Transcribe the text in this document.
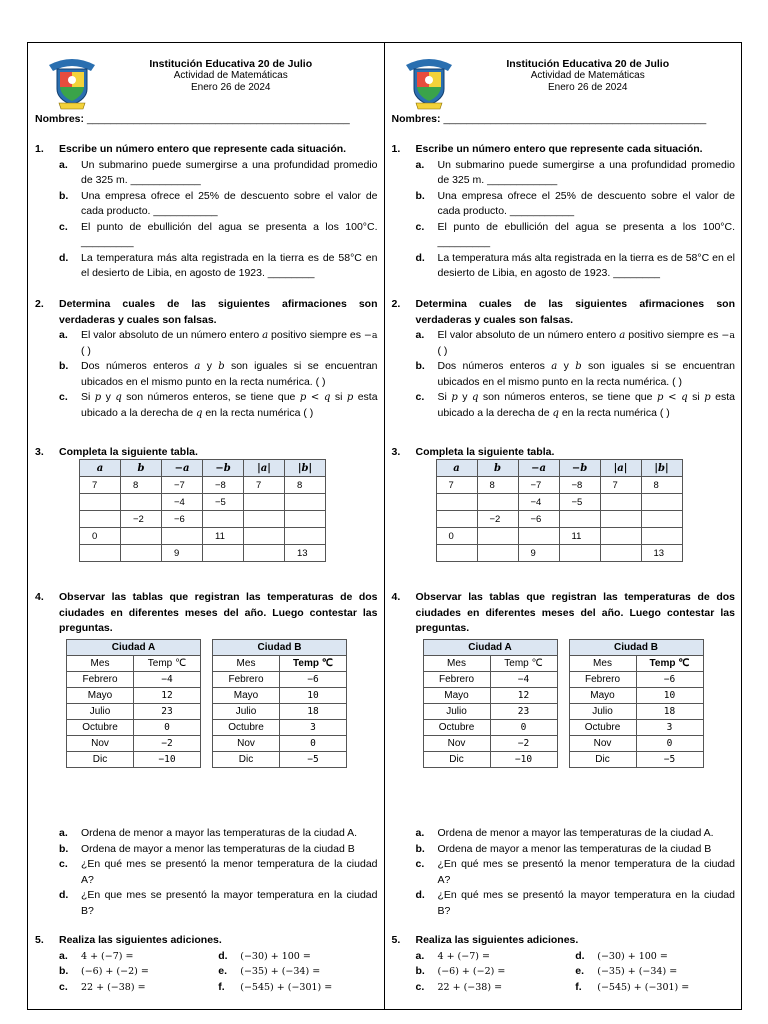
Institución Educativa 20 de Julio
Actividad de Matemáticas
Enero 26 de 2024
Nombres: _____________________________________________
1.	Escribe un número entero que represente cada situación.
a.	Un submarino puede sumergirse a una profundidad promedio de 325 m. ____________
b.	Una empresa ofrece el 25% de descuento sobre el valor de cada producto. ___________
c.	El punto de ebullición del agua se presenta a los 100°C. _________
d.	La temperatura más alta registrada en la tierra es de 58°C en el desierto de Libia, en agosto de 1923. ________
2.	Determina cuales de las siguientes afirmaciones son verdaderas y cuales son falsas.
a.	El valor absoluto de un número entero a positivo siempre es −a ( )
b.	Dos números enteros a y b son iguales si se encuentran ubicados en el mismo punto en la recta numérica. ( )
c.	Si p y q son números enteros, se tiene que p < q si p esta ubicado a la derecha de q en la recta numérica ( )
3.	Completa la siguiente tabla.
a	b	−a	−b	|a|	|b|
7	8	−7	−8	7	8
		−4	−5		
	−2	−6			
0			11		
		9			13
4.	Observar las tablas que registran las temperaturas de dos ciudades en diferentes meses del año. Luego contestar las preguntas.
Ciudad A	
Mes	Temp ℃
Febrero	−4
Mayo	12
Julio	23
Octubre	0
Nov	−2
Dic	−10
Ciudad B	
Mes	Temp ℃
Febrero	−6
Mayo	10
Julio	18
Octubre	3
Nov	0
Dic	−5
a.	Ordena de menor a mayor las temperaturas de la ciudad A.
b.	Ordena de mayor a menor las temperaturas de la ciudad B
c.	¿En qué mes se presentó la menor temperatura de la ciudad A?
d.	¿En que mes se presentó la mayor temperatura en la ciudad B?
5.	Realiza las siguientes adiciones.
a.	4 + (−7) =
b.	(−6) + (−2) =
c.	22 + (−38) =
d.	(−30) + 100 =
e.	(−35) + (−34) =
f.	(−545) + (−301) =
Institución Educativa 20 de Julio
Actividad de Matemáticas
Enero 26 de 2024
Nombres: _____________________________________________
1.	Escribe un número entero que represente cada situación.
a.	Un submarino puede sumergirse a una profundidad promedio de 325 m. ____________
b.	Una empresa ofrece el 25% de descuento sobre el valor de cada producto. ___________
c.	El punto de ebullición del agua se presenta a los 100°C. _________
d.	La temperatura más alta registrada en la tierra es de 58°C en el desierto de Libia, en agosto de 1923. ________
2.	Determina cuales de las siguientes afirmaciones son verdaderas y cuales son falsas.
a.	El valor absoluto de un número entero a positivo siempre es −a ( )
b.	Dos números enteros a y b son iguales si se encuentran ubicados en el mismo punto en la recta numérica. ( )
c.	Si p y q son números enteros, se tiene que p < q si p esta ubicado a la derecha de q en la recta numérica ( )
3.	Completa la siguiente tabla.
a	b	−a	−b	|a|	|b|
7	8	−7	−8	7	8
		−4	−5		
	−2	−6			
0			11		
		9			13
4.	Observar las tablas que registran las temperaturas de dos ciudades en diferentes meses del año. Luego contestar las preguntas.
Ciudad A	
Mes	Temp ℃
Febrero	−4
Mayo	12
Julio	23
Octubre	0
Nov	−2
Dic	−10
Ciudad B	
Mes	Temp ℃
Febrero	−6
Mayo	10
Julio	18
Octubre	3
Nov	0
Dic	−5
a.	Ordena de menor a mayor las temperaturas de la ciudad A.
b.	Ordena de mayor a menor las temperaturas de la ciudad B
c.	¿En qué mes se presentó la menor temperatura de la ciudad A?
d.	¿En qué mes se presentó la mayor temperatura en la ciudad B?
5.	Realiza las siguientes adiciones.
a.	4 + (−7) =
b.	(−6) + (−2) =
c.	22 + (−38) =
d.	(−30) + 100 =
e.	(−35) + (−34) =
f.	(−545) + (−301) =
